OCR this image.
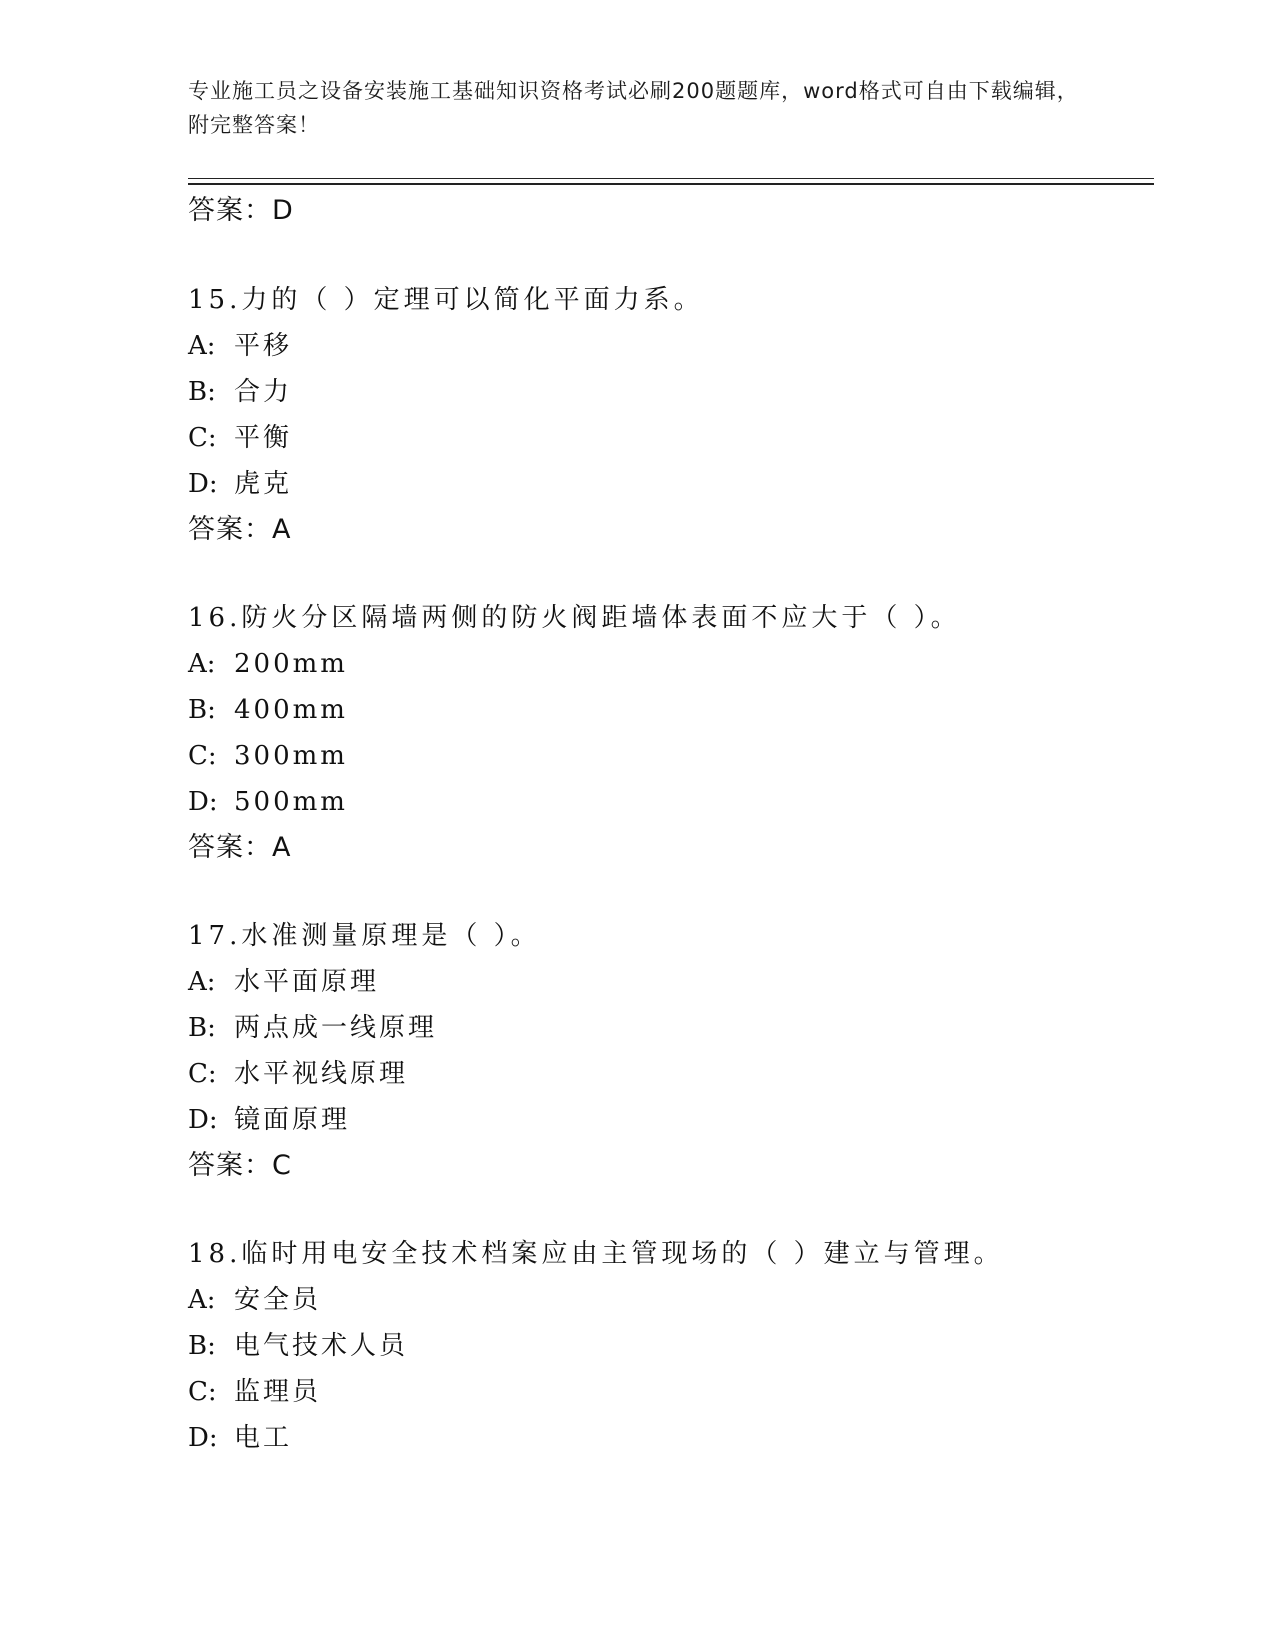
专业施工员之设备安装施工基础知识资格考试必刷200题题库，word格式可自由下载编辑，附完整答案！

答案：D

15.力的（ ）定理可以简化平面力系。

A: 平移

B: 合力

C: 平衡

D: 虎克

答案：A

16.防火分区隔墙两侧的防火阀距墙体表面不应大于（ ）。

A: 200mm

B: 400mm

C: 300mm

D: 500mm

答案：A

17.水准测量原理是（ ）。

A: 水平面原理

B: 两点成一线原理

C: 水平视线原理

D: 镜面原理

答案：C

18.临时用电安全技术档案应由主管现场的（ ）建立与管理。

A: 安全员

B: 电气技术人员

C: 监理员

D: 电工
